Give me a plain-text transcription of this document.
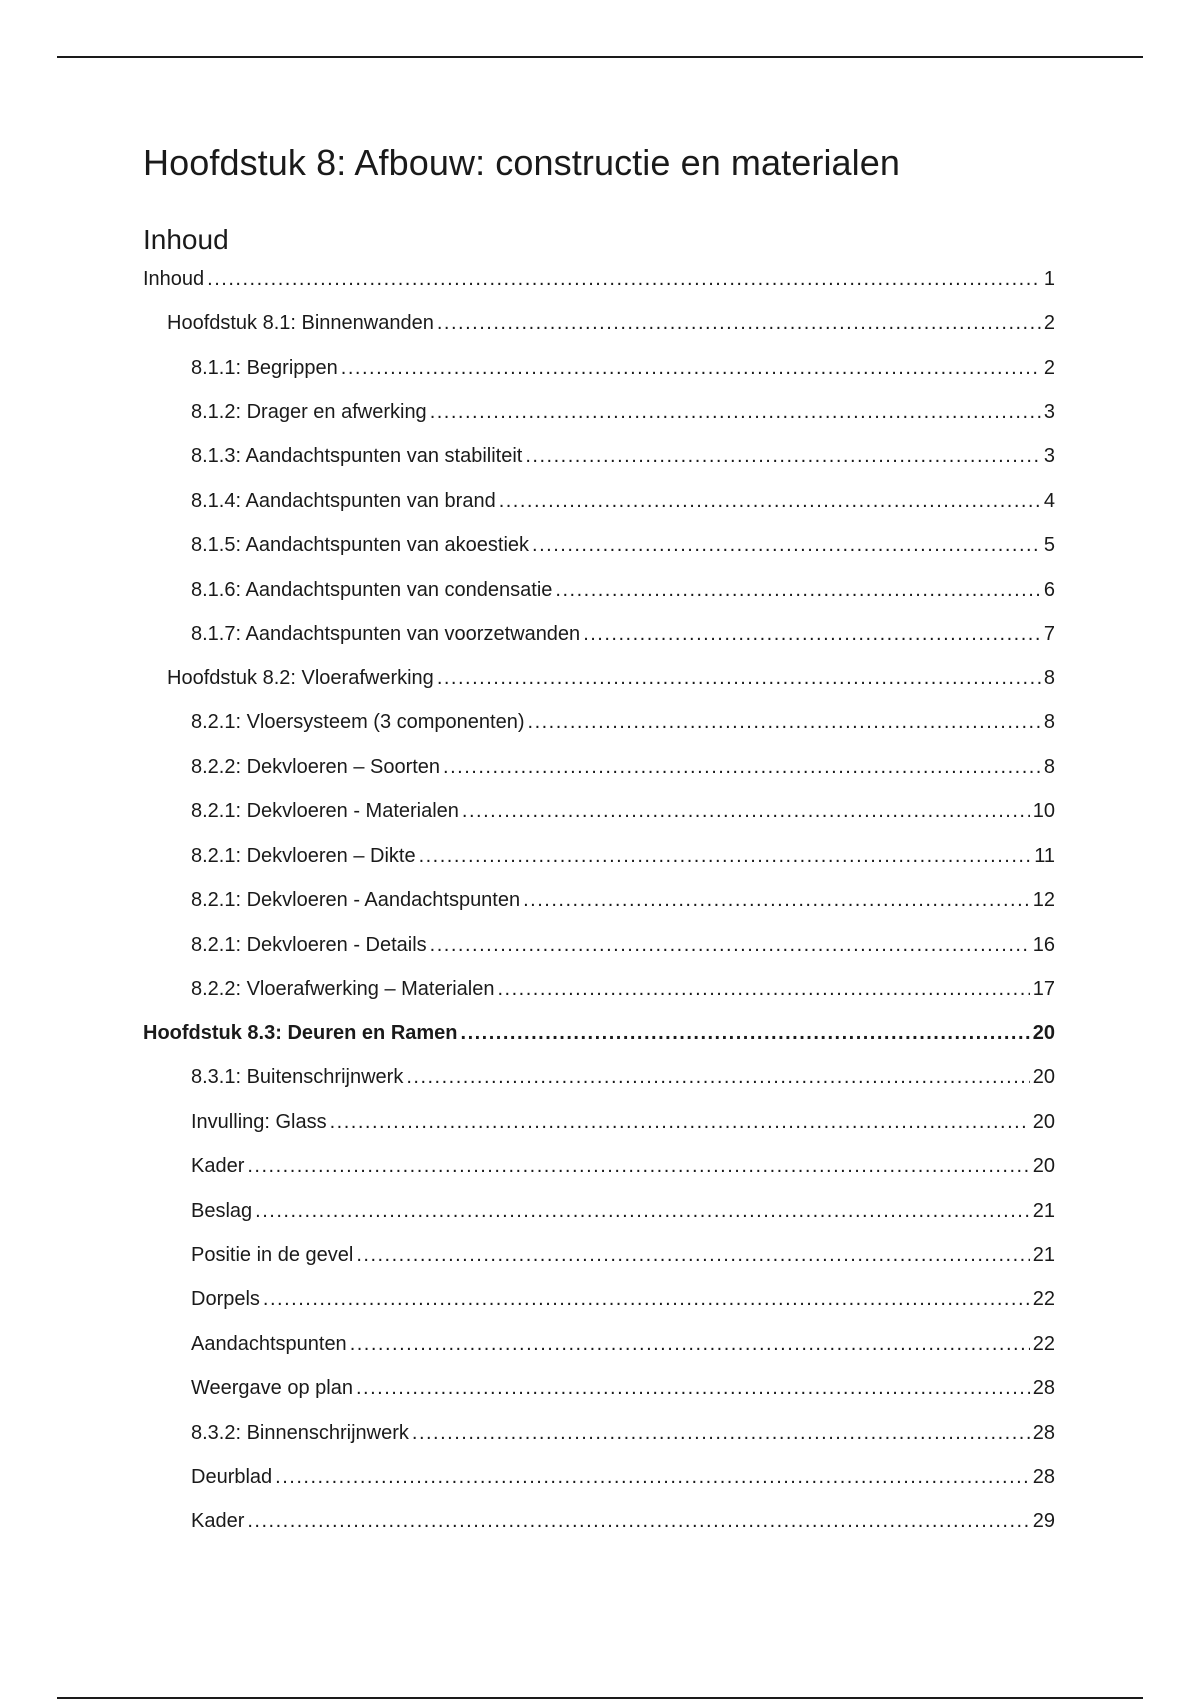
Hoofdstuk 8: Afbouw: constructie en materialen
Inhoud
Inhoud .....	1
Hoofdstuk 8.1: Binnenwanden .....	2
8.1.1: Begrippen .....	2
8.1.2: Drager en afwerking .....	3
8.1.3: Aandachtspunten van stabiliteit .....	3
8.1.4: Aandachtspunten van brand .....	4
8.1.5: Aandachtspunten van akoestiek .....	5
8.1.6: Aandachtspunten van condensatie .....	6
8.1.7: Aandachtspunten van voorzetwanden .....	7
Hoofdstuk 8.2: Vloerafwerking .....	8
8.2.1: Vloersysteem (3 componenten) .....	8
8.2.2: Dekvloeren – Soorten .....	8
8.2.1: Dekvloeren - Materialen .....	10
8.2.1: Dekvloeren – Dikte .....	11
8.2.1: Dekvloeren - Aandachtspunten .....	12
8.2.1: Dekvloeren - Details .....	16
8.2.2: Vloerafwerking – Materialen .....	17
Hoofdstuk 8.3: Deuren en Ramen .....	20
8.3.1: Buitenschrijnwerk .....	20
Invulling: Glass .....	20
Kader .....	20
Beslag .....	21
Positie in de gevel .....	21
Dorpels .....	22
Aandachtspunten .....	22
Weergave op plan .....	28
8.3.2: Binnenschrijnwerk .....	28
Deurblad .....	28
Kader .....	29
